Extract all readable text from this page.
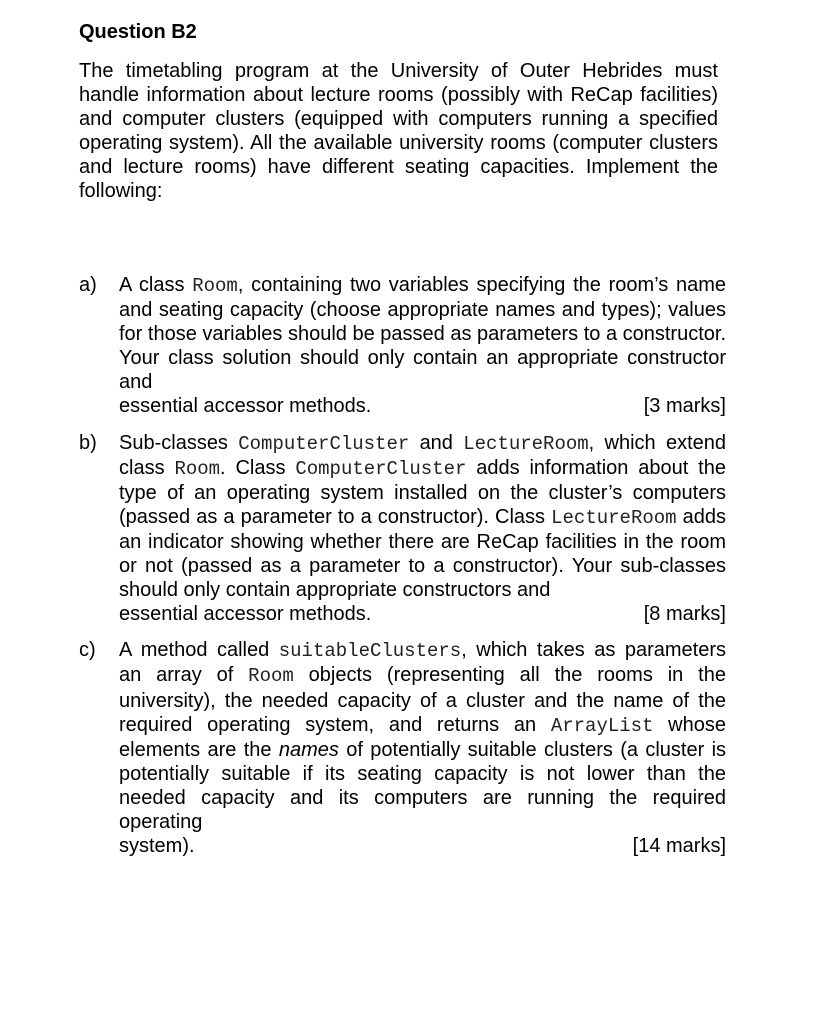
Question B2

The timetabling program at the University of Outer Hebrides must handle information about lecture rooms (possibly with ReCap facilities) and computer clusters (equipped with computers running a specified operating system). All the available university rooms (computer clusters and lecture rooms) have different seating capacities. Implement the following:

a) A class Room, containing two variables specifying the room’s name and seating capacity (choose appropriate names and types); values for those variables should be passed as parameters to a constructor. Your class solution should only contain an appropriate constructor and
essential accessor methods.	[3 marks]
b) Sub-classes ComputerCluster and LectureRoom, which extend class Room. Class ComputerCluster adds information about the type of an operating system installed on the cluster’s computers (passed as a parameter to a constructor). Class LectureRoom adds an indicator showing whether there are ReCap facilities in the room or not (passed as a parameter to a constructor). Your sub-classes should only contain appropriate constructors and
essential accessor methods.	[8 marks]
c) A method called suitableClusters, which takes as parameters an array of Room objects (representing all the rooms in the university), the needed capacity of a cluster and the name of the required operating system, and returns an ArrayList whose elements are the names of potentially suitable clusters (a cluster is potentially suitable if its seating capacity is not lower than the needed capacity and its computers are running the required operating
system).	[14 marks]
